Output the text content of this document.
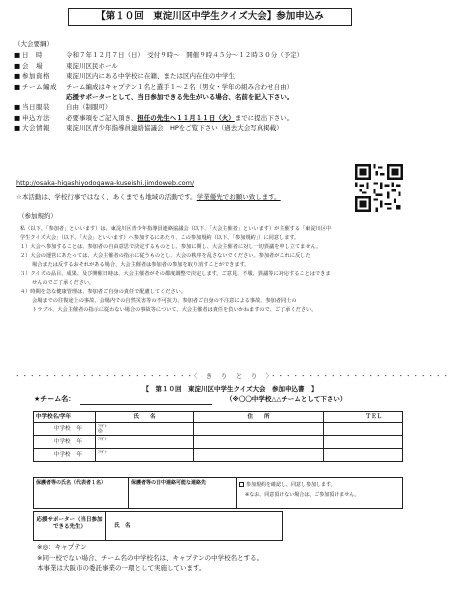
【第１０回　東淀川区中学生クイズ大会】参加申込み
（大会要綱）
■ 日　時	令和７年１２月７日（日）　受付９時～　開催９時４５分～１２時３０分（予定）
■ 会　場	東淀川区民ホール
■ 参加資格	東淀川区内にある中学校に在籍、または区内在住の中学生
■ チーム編成	チーム編成はキャプテン１名と選手１～２名（男女・学年の組み合わせ自由）
応援サポーターとして、当日参加できる先生がいる場合、名前を記入下さい。
■ 当日服装	自由（制服可）
■ 申込方法	必要事項をご記入頂き、担任の先生へ１１月１１日（火）までに提出下さい。
■ 大会情報	東淀川区青少年指導員連絡協議会　HPをご覧下さい（過去大会写真掲載）
http://osaka-higashiyodogawa-kuseishi.jimdoweb.com/
☆本活動は、学校行事ではなく、あくまでも地域の活動です。学業優先でお願い致します。
（参加規約）

私（以下、「参加者」といいます）は、東淀川区青少年指導員連絡協議会（以下、「大会主催者」といいます）が主催する「東淀川区中

学生クイズ大会」（以下、「大会」といいます）へ参加するにあたり、この参加規約（以下、「参加規約」）に同意します。

１）大会へ参加することは、参加者の自由意思で決定するものとし、参加に関し、大会主催者に対し一切異議を申し立てません。

２）大会の運営にあたっては、大会主催者の指示に従うものとし、大会の秩序を乱さないでください。参加者がこれに反した

場合または反するおそれがある場合、大会主催者は参加者の参加を取り消すことができます。

３）クイズの品目、成果、及び開催日時は、大会主催者がその都度調整で決定します。ご意見、不服、異議等に対応することはできま

せんのでご了承ください。

４）時間を急な健康管理は、参加者ご自身の責任で配慮してください。

会場までの往復途上の事故、会場内での自然災害等の不可抗力、参加者ご自身の不注意による事故、参加者同士の

トラブル、大会主催者の指示に従わない場合の事故等について、大会主催者は責任を負いかねますので、ご了承ください。

・・・・・・・・・・・・・・・・・・・・・・・・〈　き　り　と　り　〉・・・・・・・・・・・・・・・・・・・・・・・・
【　第１０回　東淀川区中学生クイズ大会　参加申込書　】
★チーム名：	（※〇〇中学校△△チームとして下さい）
中学校名/学年	氏　　名	住　　所	ＴＥＬ
中学校 年	ﾌﾘｶﾞﾅ
◎		
中学校 年	ﾌﾘｶﾞﾅ		

中学校 年	ﾌﾘｶﾞﾅ		

保護者等の氏名（代表者１名）	保護者等の日中連絡可能な連絡先	参加規約を確認し、同意し参加します。
※なお、同意頂けない場合は、ご参加頂けません。
応援サポーター（当日参加できる先生）	氏　名
※◎：キャプテン
※同一校でない場合、チーム名の中学校名は、キャプテンの中学校名とする。
本事業は大阪市の委託事業の一環として実施しています。
